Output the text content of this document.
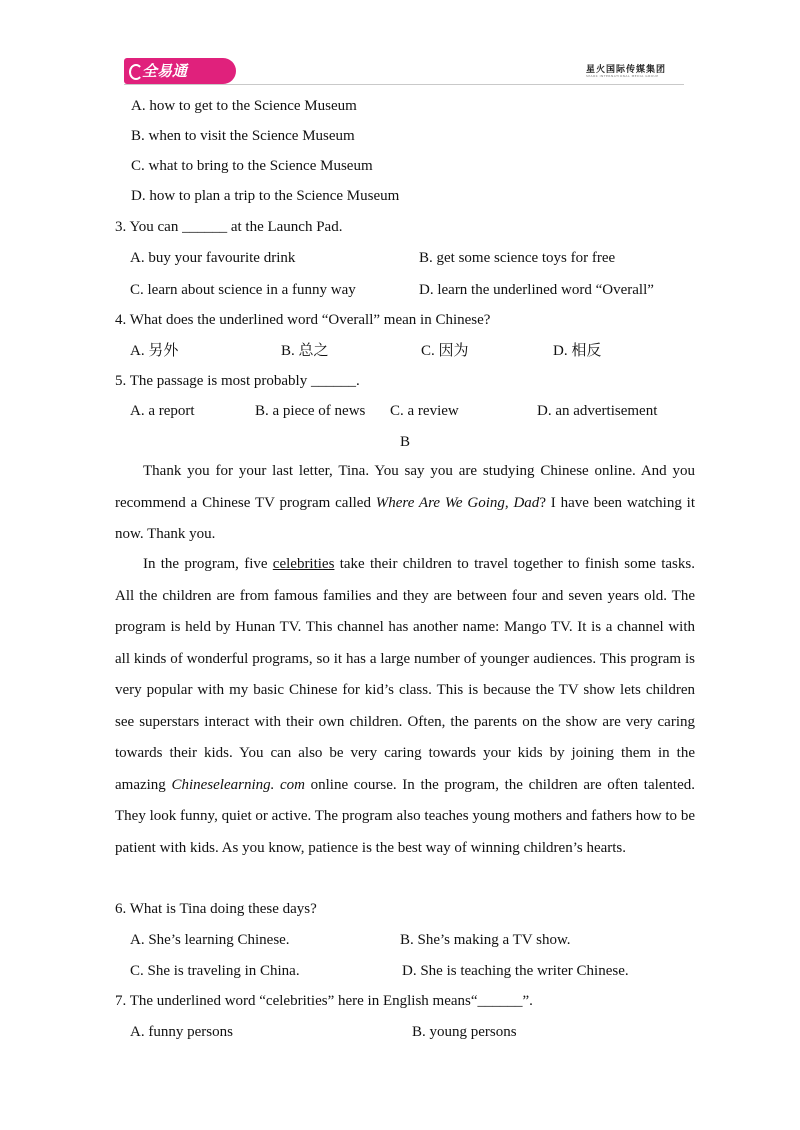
全易通	星火国际传媒集团
SPARK INTERNATIONAL MEDIA GROUP
A. how to get to the Science Museum
B. when to visit the Science Museum
C. what to bring to the Science Museum
D. how to plan a trip to the Science Museum
3. You can ______ at the Launch Pad.
A. buy your favourite drink	B. get some science toys for free
C. learn about science in a funny way	D. learn the underlined word “Overall”
4. What does the underlined word “Overall” mean in Chinese?
A. 另外	B. 总之	C. 因为	D. 相反
5. The passage is most probably ______.
A. a report	B. a piece of news C. a review	D. an advertisement
B

Thank you for your last letter, Tina. You say you are studying Chinese online. And you recommend a Chinese TV program called Where Are We Going, Dad? I have been watching it now. Thank you.

In the program, five celebrities take their children to travel together to finish some tasks. All the children are from famous families and they are between four and seven years old. The program is held by Hunan TV. This channel has another name: Mango TV. It is a channel with all kinds of wonderful programs, so it has a large number of younger audiences. This program is very popular with my basic Chinese for kid’s class. This is because the TV show lets children see superstars interact with their own children. Often, the parents on the show are very caring towards their kids. You can also be very caring towards your kids by joining them in the amazing Chineselearning. com online course. In the program, the children are often talented. They look funny, quiet or active. The program also teaches young mothers and fathers how to be patient with kids. As you know, patience is the best way of winning children’s hearts.

6. What is Tina doing these days?
A. She’s learning Chinese.	B. She’s making a TV show.
C. She is traveling in China.	D. She is teaching the writer Chinese.
7. The underlined word “celebrities” here in English means“______”.
A. funny persons	B. young persons
